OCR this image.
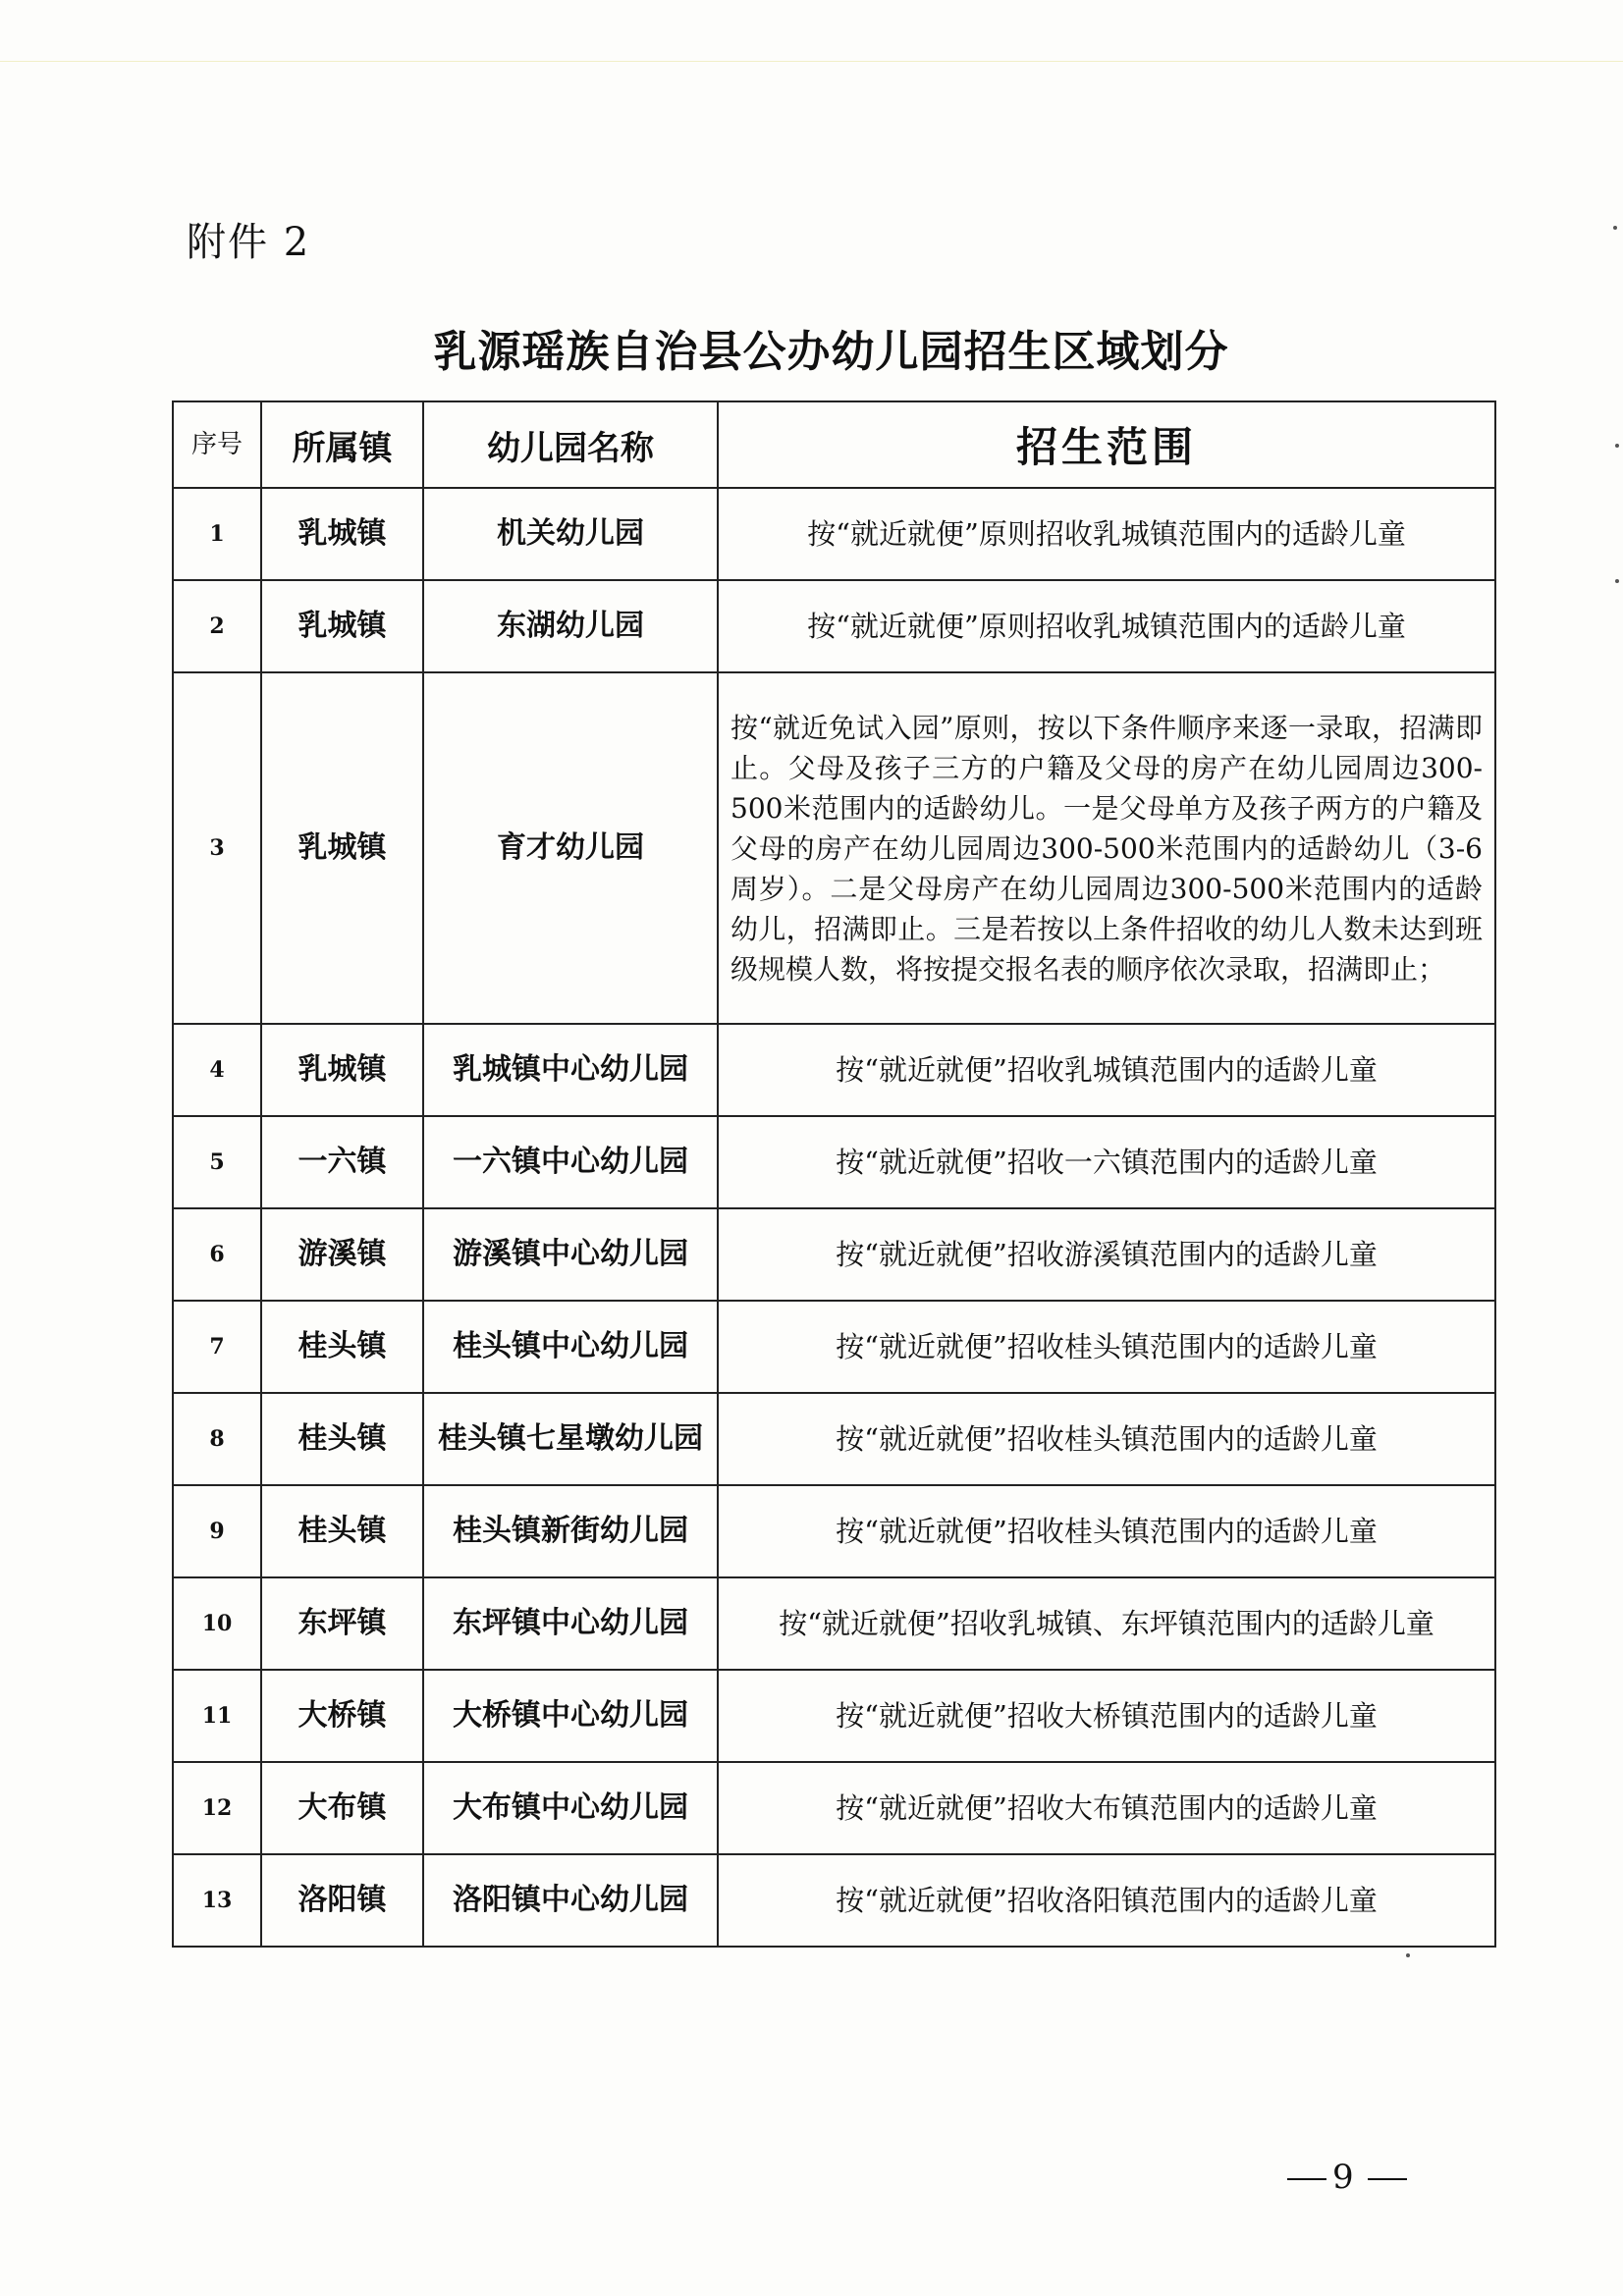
附件 2
乳源瑶族自治县公办幼儿园招生区域划分
序号	所属镇	幼儿园名称	招生范围
1	乳城镇	机关幼儿园	按“就近就便”原则招收乳城镇范围内的适龄儿童
2	乳城镇	东湖幼儿园	按“就近就便”原则招收乳城镇范围内的适龄儿童
3	乳城镇	育才幼儿园	按“就近免试入园”原则，按以下条件顺序来逐一录取，招满即止。父母及孩子三方的户籍及父母的房产在幼儿园周边300-500米范围内的适龄幼儿。一是父母单方及孩子两方的户籍及父母的房产在幼儿园周边300-500米范围内的适龄幼儿（3-6周岁）。二是父母房产在幼儿园周边300-500米范围内的适龄幼儿，招满即止。三是若按以上条件招收的幼儿人数未达到班级规模人数，将按提交报名表的顺序依次录取，招满即止；
4	乳城镇	乳城镇中心幼儿园	按“就近就便”招收乳城镇范围内的适龄儿童
5	一六镇	一六镇中心幼儿园	按“就近就便”招收一六镇范围内的适龄儿童
6	游溪镇	游溪镇中心幼儿园	按“就近就便”招收游溪镇范围内的适龄儿童
7	桂头镇	桂头镇中心幼儿园	按“就近就便”招收桂头镇范围内的适龄儿童
8	桂头镇	桂头镇七星墩幼儿园	按“就近就便”招收桂头镇范围内的适龄儿童
9	桂头镇	桂头镇新街幼儿园	按“就近就便”招收桂头镇范围内的适龄儿童
10	东坪镇	东坪镇中心幼儿园	按“就近就便”招收乳城镇、东坪镇范围内的适龄儿童
11	大桥镇	大桥镇中心幼儿园	按“就近就便”招收大桥镇范围内的适龄儿童
12	大布镇	大布镇中心幼儿园	按“就近就便”招收大布镇范围内的适龄儿童
13	洛阳镇	洛阳镇中心幼儿园	按“就近就便”招收洛阳镇范围内的适龄儿童
9
